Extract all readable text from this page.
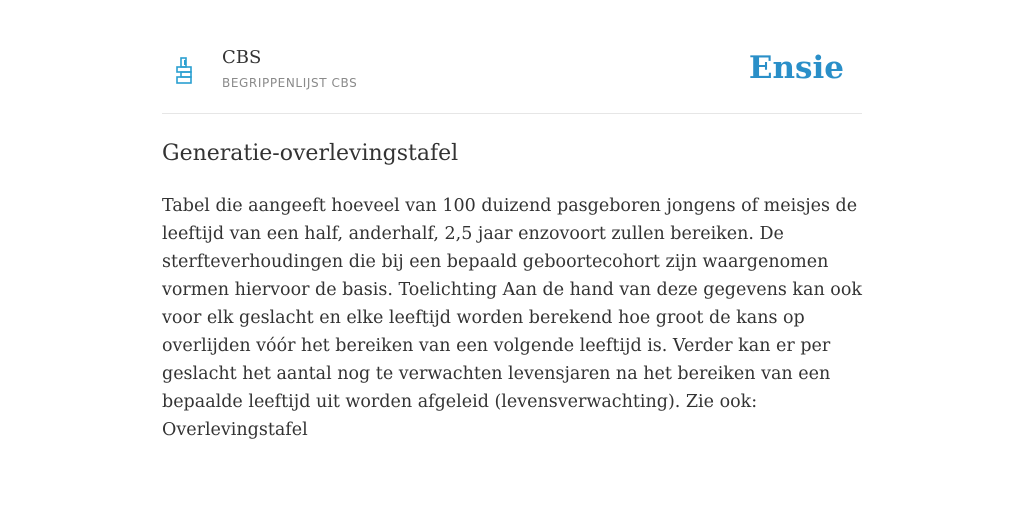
CBS
BEGRIPPENLIJST CBS	Ensie
Generatie-overlevingstafel

Tabel die aangeeft hoeveel van 100 duizend pasgeboren jongens of meisjes de leeftijd van een half, anderhalf, 2,5 jaar enzovoort zullen bereiken. De sterfteverhoudingen die bij een bepaald geboortecohort zijn waargenomen vormen hiervoor de basis. Toelichting Aan de hand van deze gegevens kan ook voor elk geslacht en elke leeftijd worden berekend hoe groot de kans op overlijden vóór het bereiken van een volgende leeftijd is. Verder kan er per geslacht het aantal nog te verwachten levensjaren na het bereiken van een bepaalde leeftijd uit worden afgeleid (levensverwachting). Zie ook: Overlevingstafel
